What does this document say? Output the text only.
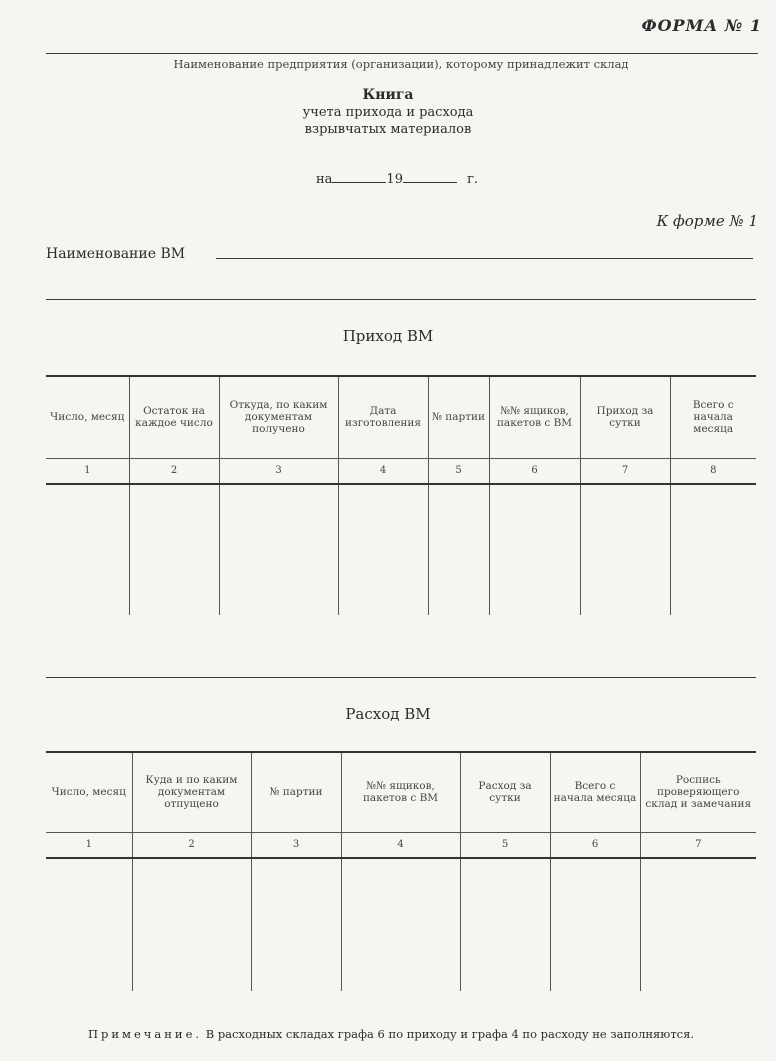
ФОРМА № 1
Наименование предприятия (организации), которому принадлежит склад
Книга
учета прихода и расхода
взрывчатых материалов
на	19	г.
К форме № 1
Наименование ВМ
Приход ВМ
Число, месяц	Остаток на каждое число	Откуда, по каким документам получено	Дата изготовления	№ партии	№№ ящиков, пакетов с ВМ	Приход за сутки	Всего с начала месяца
1	2	3	4	5	6	7	8

Расход ВМ
Число, месяц	Куда и по каким документам отпущено	№ партии	№№ ящиков, пакетов с ВМ	Расход за сутки	Всего с начала месяца	Роспись проверяющего склад и замечания
1	2	3	4	5	6	7

Примечание. В расходных складах графа 6 по приходу и графа 4 по расходу не заполняются.
